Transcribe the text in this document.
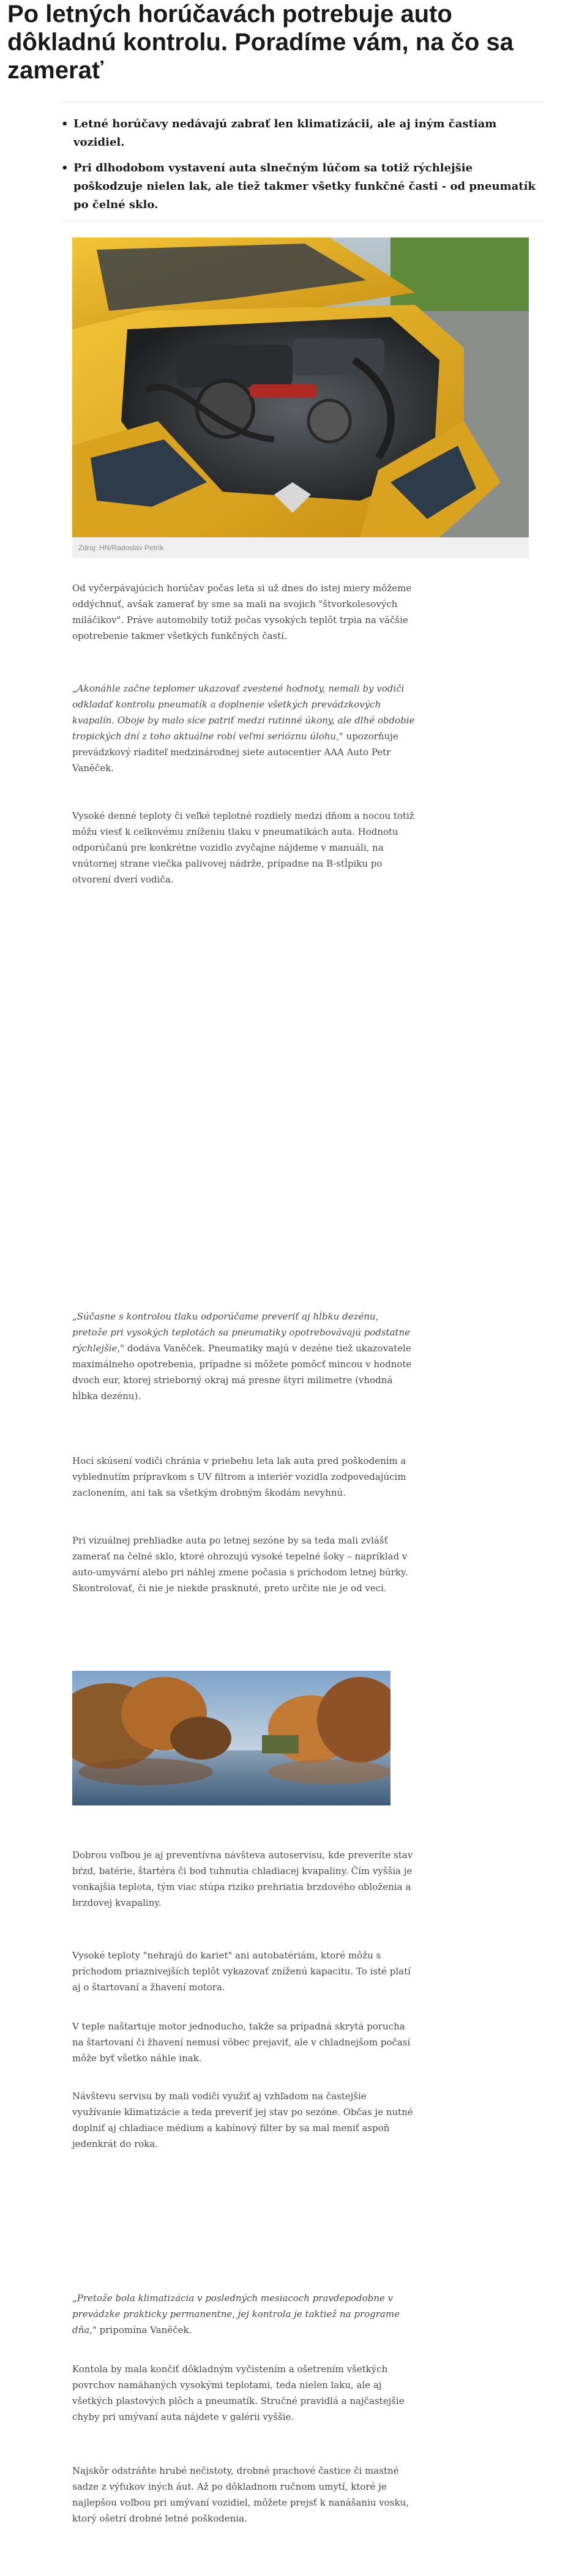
Po letných horúčavách potrebuje auto dôkladnú kontrolu. Poradíme vám, na čo sa zamerať
• Letné horúčavy nedávajú zabrať len klimatizácii, ale aj iným častiam vozidiel.
• Pri dlhodobom vystavení auta slnečným lúčom sa totiž rýchlejšie poškodzuje nielen lak, ale tiež takmer všetky funkčné časti - od pneumatík po čelné sklo.
Zdroj: HN/Radoslav Petrík

Od vyčerpávajúcich horúčav počas leta si už dnes do istej miery môžeme oddýchnuť, avšak zamerať by sme sa mali na svojich "štvorkolesových miláčikov". Práve automobily totiž počas vysokých teplôt trpia na väčšie opotrebenie takmer všetkých funkčných častí.

„Akonáhle začne teplomer ukazovať zvestené hodnoty, nemali by vodiči odkladať kontrolu pneumatík a doplnenie všetkých prevádzkových kvapalín. Oboje by malo síce patriť medzi rutinné úkony, ale dlhé obdobie tropických dní z toho aktuálne robí veľmi serióznu úlohu," upozorňuje prevádzkový riaditeľ medzinárodnej siete autocentier AAA Auto Petr Vaněček.

Vysoké denné teploty či veľké teplotné rozdiely medzi dňom a nocou totiž môžu viesť k celkovému zníženiu tlaku v pneumatikách auta. Hodnotu odporúčanú pre konkrétne vozidlo zvyčajne nájdeme v manuáli, na vnútornej strane viečka palivovej nádrže, prípadne na B-stĺpiku po otvorení dverí vodiča.

„Súčasne s kontrolou tlaku odporúčame preveriť aj hĺbku dezénu, pretože pri vysokých teplotách sa pneumatiky opotrebovávajú podstatne rýchlejšie," dodáva Vaněček. Pneumatiky majú v dezéne tiež ukazovatele maximálneho opotrebenia, prípadne si môžete pomôcť mincou v hodnote dvoch eur, ktorej strieborný okraj má presne štyri milimetre (vhodná hĺbka dezénu).

Hoci skúsení vodiči chránia v priebehu leta lak auta pred poškodením a vyblednutím prípravkom s UV filtrom a interiér vozidla zodpovedajúcim zaclonením, ani tak sa všetkým drobným škodám nevyhnú.

Pri vizuálnej prehliadke auta po letnej sezóne by sa teda mali zvlášť zamerať na čelné sklo, ktoré ohrozujú vysoké tepelné šoky – napríklad v auto-umyvární alebo pri náhlej zmene počasia s príchodom letnej búrky. Skontrolovať, či nie je niekde prasknuté, preto určite nie je od veci.

Dobrou voľbou je aj preventívna návšteva autoservisu, kde preveríte stav bŕzd, batérie, štartéra či bod tuhnutia chladiacej kvapaliny. Čím vyššia je vonkajšia teplota, tým viac stúpa riziko prehriatia brzdového obloženia a brzdovej kvapaliny.

Vysoké teploty "nehrajú do kariet" ani autobatériám, ktoré môžu s príchodom priaznivejších teplôt vykazovať zníženú kapacitu. To isté platí aj o štartovaní a žhavení motora.

V teple naštartuje motor jednoducho, takže sa prípadná skrytá porucha na štartovaní či žhavení nemusí vôbec prejaviť, ale v chladnejšom počasí môže byť všetko náhle inak.

Návštevu servisu by mali vodiči využiť aj vzhľadom na častejšie využívanie klimatizácie a teda preveriť jej stav po sezóne. Občas je nutné doplniť aj chladiace médium a kabínový filter by sa mal meniť aspoň jedenkrát do roka.

„Pretože bola klimatizácia v posledných mesiacoch pravdepodobne v prevádzke prakticky permanentne, jej kontrola je taktiež na programe dňa," pripomína Vaněček.

Kontola by mala končiť dôkladným vyčistením a ošetrením všetkých povrchov namáhaných vysokými teplotami, teda nielen laku, ale aj všetkých plastových plôch a pneumatík. Stručné pravidlá a najčastejšie chyby pri umývaní auta nájdete v galérii vyššie.

Najskôr odstráňte hrubé nečistoty, drobné prachové častice či mastné sadze z výfukov iných áut. Až po dôkladnom ručnom umytí, ktoré je najlepšou voľbou pri umývaní vozidiel, môžete prejsť k nanášaniu vosku, ktorý ošetrí drobné letné poškodenia.
